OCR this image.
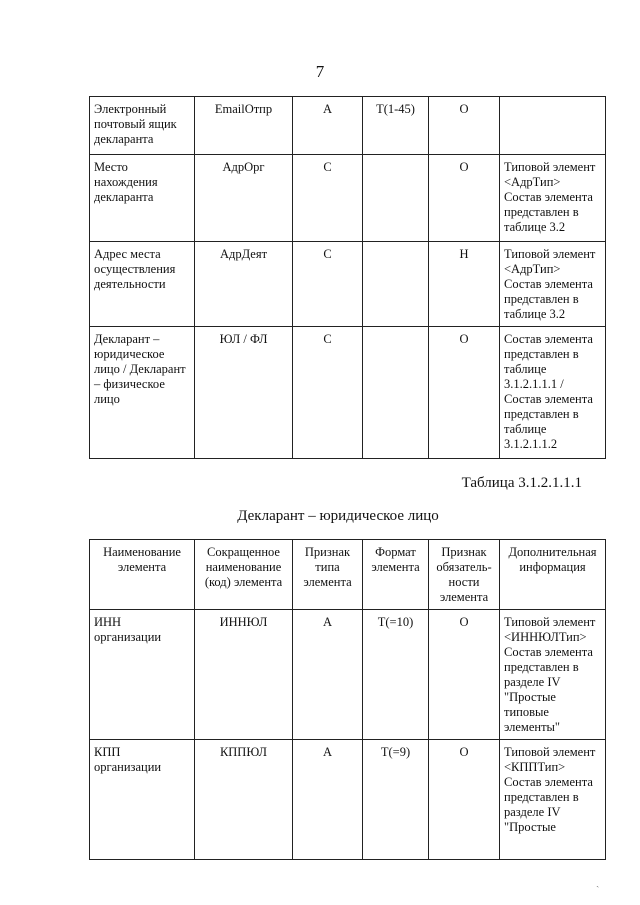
7
Электронный почтовый ящик декларанта	EmailОтпр	А	Т(1-45)	О	
Место нахождения декларанта	АдрОрг	С		О	Типовой элемент <АдрТип> Состав элемента представлен в таблице 3.2
Адрес места осуществления деятельности	АдрДеят	С		Н	Типовой элемент <АдрТип> Состав элемента представлен в таблице 3.2
Декларант – юридическое лицо / Декларант – физическое лицо	ЮЛ / ФЛ	С		О	Состав элемента представлен в таблице 3.1.2.1.1.1 / Состав элемента представлен в таблице 3.1.2.1.1.2
Таблица 3.1.2.1.1.1
Декларант – юридическое лицо
Наименование элемента	Сокращенное наименование (код) элемента	Признак типа элемента	Формат элемента	Признак обязатель-ности элемента	Дополнительная информация
ИНН организации	ИННЮЛ	А	Т(=10)	О	Типовой элемент <ИННЮЛТип> Состав элемента представлен в разделе IV "Простые типовые элементы"
КПП организации	КППЮЛ	А	Т(=9)	О	Типовой элемент <КППТип> Состав элемента представлен в разделе IV "Простые
ˎ
